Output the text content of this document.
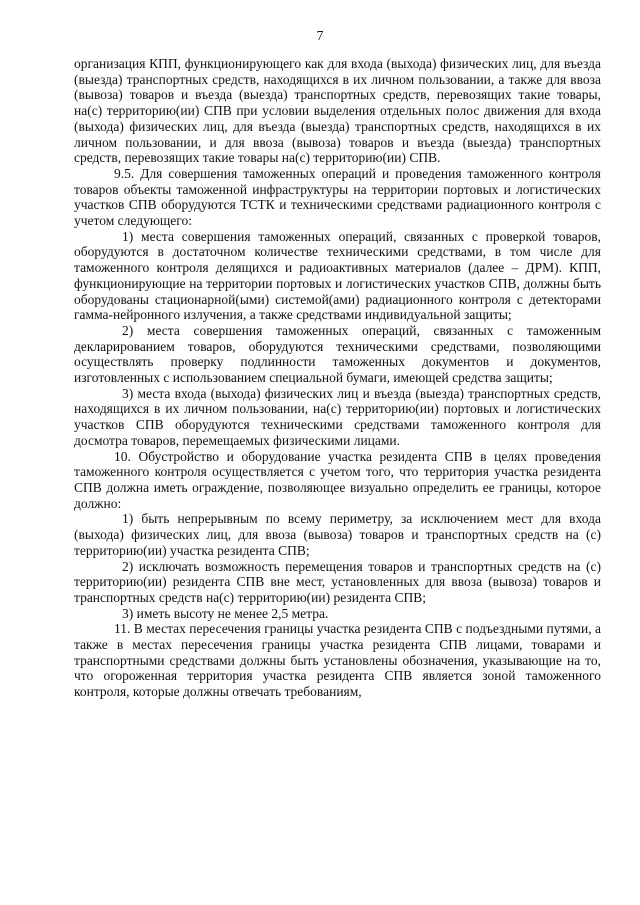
7

организация КПП, функционирующего как для входа (выхода) физических лиц, для въезда (выезда) транспортных средств, находящихся в их личном пользовании, а также для ввоза (вывоза) товаров и въезда (выезда) транспортных средств, перевозящих такие товары, на(с) территорию(ии) СПВ при условии выделения отдельных полос движения для входа (выхода) физических лиц, для въезда (выезда) транспортных средств, находящихся в их личном пользовании, и для ввоза (вывоза) товаров и въезда (выезда) транспортных средств, перевозящих такие товары на(с) территорию(ии) СПВ.

9.5. Для совершения таможенных операций и проведения таможенного контроля товаров объекты таможенной инфраструктуры на территории портовых и логистических участков СПВ оборудуются ТСТК и техническими средствами радиационного контроля с учетом следующего:

1) места совершения таможенных операций, связанных с проверкой товаров, оборудуются в достаточном количестве техническими средствами, в том числе для таможенного контроля делящихся и радиоактивных материалов (далее – ДРМ). КПП, функционирующие на территории портовых и логистических участков СПВ, должны быть оборудованы стационарной(ыми) системой(ами) радиационного контроля с детекторами гамма-нейронного излучения, а также средствами индивидуальной защиты;

2) места совершения таможенных операций, связанных с таможенным декларированием товаров, оборудуются техническими средствами, позволяющими осуществлять проверку подлинности таможенных документов и документов, изготовленных с использованием специальной бумаги, имеющей средства защиты;

3) места входа (выхода) физических лиц и въезда (выезда) транспортных средств, находящихся в их личном пользовании, на(с) территорию(ии) портовых и логистических участков СПВ оборудуются техническими средствами таможенного контроля для досмотра товаров, перемещаемых физическими лицами.

10. Обустройство и оборудование участка резидента СПВ в целях проведения таможенного контроля осуществляется с учетом того, что территория участка резидента СПВ должна иметь ограждение, позволяющее визуально определить ее границы, которое должно:

1) быть непрерывным по всему периметру, за исключением мест для входа (выхода) физических лиц, для ввоза (вывоза) товаров и транспортных средств на (с) территорию(ии) участка резидента СПВ;

2) исключать возможность перемещения товаров и транспортных средств на (с) территорию(ии) резидента СПВ вне мест, установленных для ввоза (вывоза) товаров и транспортных средств на(с) территорию(ии) резидента СПВ;

3) иметь высоту не менее 2,5 метра.

11. В местах пересечения границы участка резидента СПВ с подъездными путями, а также в местах пересечения границы участка резидента СПВ лицами, товарами и транспортными средствами должны быть установлены обозначения, указывающие на то, что огороженная территория участка резидента СПВ является зоной таможенного контроля, которые должны отвечать требованиям,
